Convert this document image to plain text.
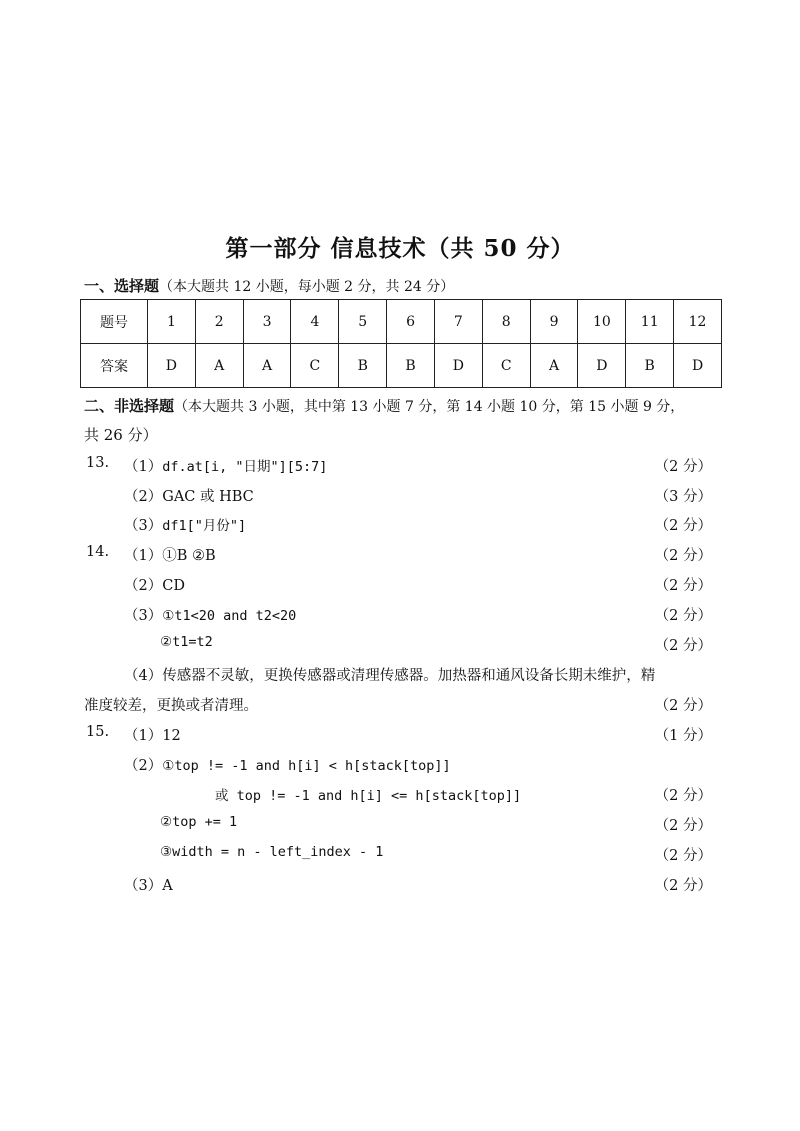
第一部分 信息技术（共 50 分）
一、选择题（本大题共 12 小题，每小题 2 分，共 24 分）
题号	1	2	3	4	5	6	7	8	9	10	11	12
答案	D	A	A	C	B	B	D	C	A	D	B	D
二、非选择题（本大题共 3 小题，其中第 13 小题 7 分，第 14 小题 10 分，第 15 小题 9 分，
共 26 分）
13. （1）df.at[i, "日期"][5:7]	（2 分）
（2）GAC 或 HBC	（3 分）
（3）df1["月份"]	（2 分）
14. （1）①B ②B	（2 分）
（2）CD	（2 分）
（3）①t1<20 and t2<20	（2 分）
②t1=t2	（2 分）
（4）传感器不灵敏，更换传感器或清理传感器。加热器和通风设备长期未维护，精
准度较差，更换或者清理。	（2 分）
15. （1）12	（1 分）
（2）①top != -1 and h[i] < h[stack[top]]
或 top != -1 and h[i] <= h[stack[top]]	（2 分）
②top += 1	（2 分）
③width = n - left_index - 1	（2 分）
（3）A	（2 分）
